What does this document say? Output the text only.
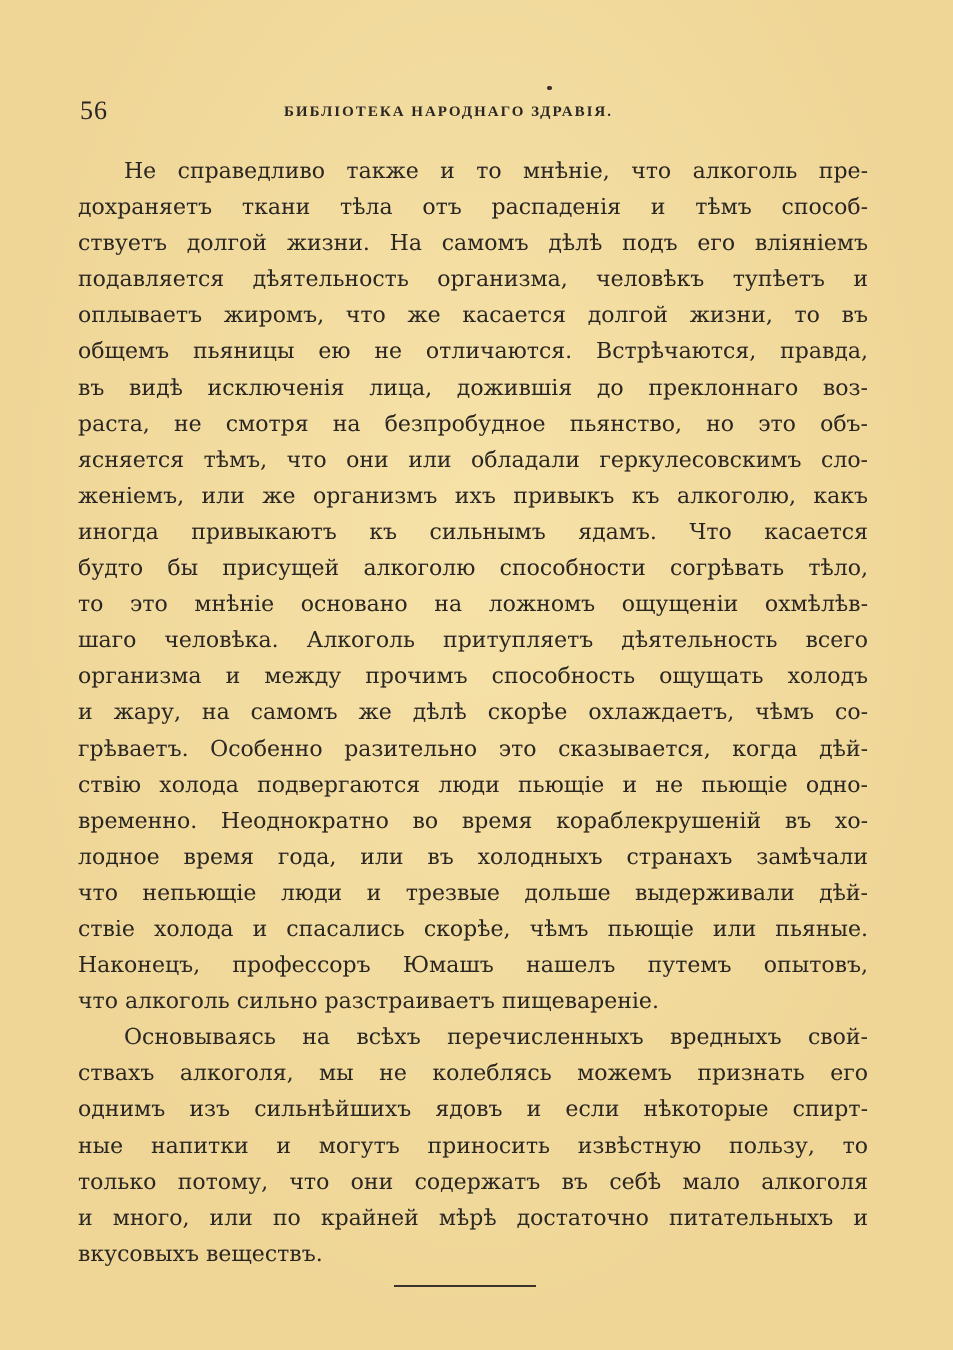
56	БИБЛІОТЕКА НАРОДНАГО ЗДРАВІЯ.
Не справедливо также и то мнѣніе, что алкоголь пре-
дохраняетъ ткани тѣла отъ распаденія и тѣмъ способ-
ствуетъ долгой жизни. На самомъ дѣлѣ подъ его вліяніемъ
подавляется дѣятельность организма, человѣкъ тупѣетъ и
оплываетъ жиромъ, что же касается долгой жизни, то въ
общемъ пьяницы ею не отличаются. Встрѣчаются, правда,
въ видѣ исключенія лица, дожившія до преклоннаго воз-
раста, не смотря на безпробудное пьянство, но это объ-
ясняется тѣмъ, что они или обладали геркулесовскимъ сло-
женіемъ, или же организмъ ихъ привыкъ къ алкоголю, какъ
иногда привыкаютъ къ сильнымъ ядамъ. Что касается
будто бы присущей алкоголю способности согрѣвать тѣло,
то это мнѣніе основано на ложномъ ощущеніи охмѣлѣв-
шаго человѣка. Алкоголь притупляетъ дѣятельность всего
организма и между прочимъ способность ощущать холодъ
и жару, на самомъ же дѣлѣ скорѣе охлаждаетъ, чѣмъ со-
грѣваетъ. Особенно разительно это сказывается, когда дѣй-
ствію холода подвергаются люди пьющіе и не пьющіе одно-
временно. Неоднократно во время кораблекрушеній въ хо-
лодное время года, или въ холодныхъ странахъ замѣчали
что непьющіе люди и трезвые дольше выдерживали дѣй-
ствіе холода и спасались скорѣе, чѣмъ пьющіе или пьяные.
Наконецъ, профессоръ Юмашъ нашелъ путемъ опытовъ,
что алкоголь сильно разстраиваетъ пищевареніе.
Основываясь на всѣхъ перечисленныхъ вредныхъ свой-
ствахъ алкоголя, мы не колеблясь можемъ признать его
однимъ изъ сильнѣйшихъ ядовъ и если нѣкоторые спирт-
ные напитки и могутъ приносить извѣстную пользу, то
только потому, что они содержатъ въ себѣ мало алкоголя
и много, или по крайней мѣрѣ достаточно питательныхъ и
вкусовыхъ веществъ.
